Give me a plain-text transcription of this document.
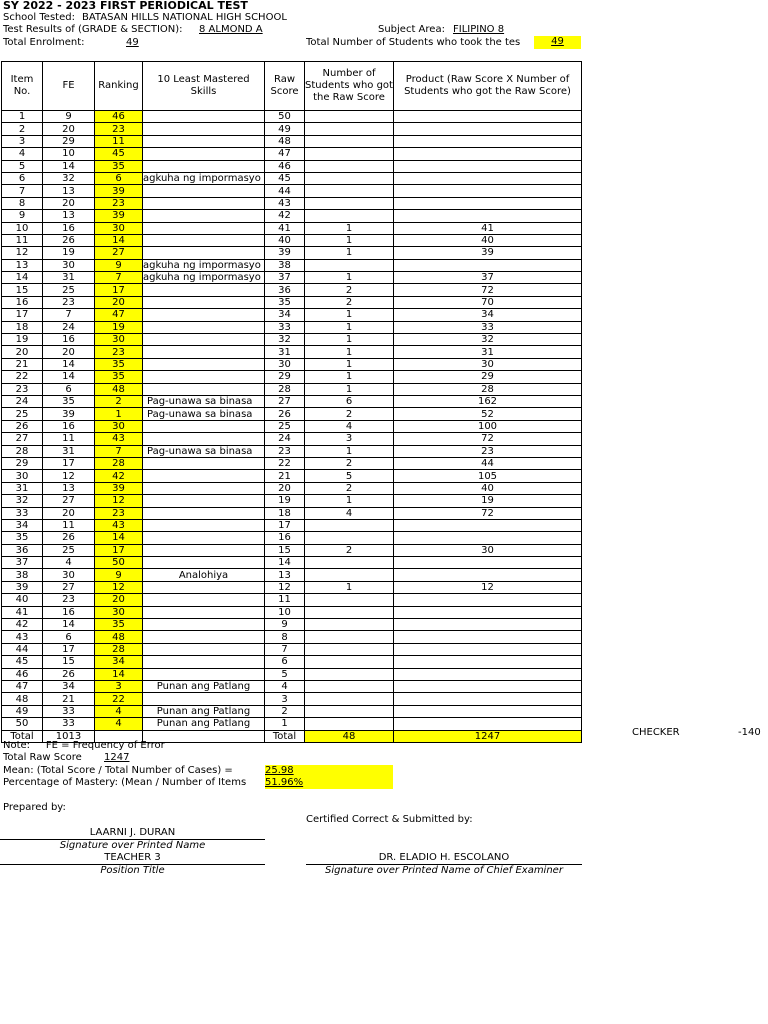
SY 2022 - 2023 FIRST PERIODICAL TEST
School Tested: BATASAN HILLS NATIONAL HIGH SCHOOL
Test Results of (GRADE & SECTION): 8 ALMOND A	Subject Area: FILIPINO 8
Total Enrolment:	49	Total Number of Students who took the tes	49
Item No.	FE	Ranking	10 Least Mastered Skills	Raw Score	Number of Students who got the Raw Score	Product (Raw Score X Number of Students who got the Raw Score)
1	9	46		50		
2	20	23		49		
3	29	11		48		
4	10	45		47		
5	14	35		46		
6	32	6	agkuha ng impormasyo	45		
7	13	39		44		
8	20	23		43		
9	13	39		42		
10	16	30		41	1	41
11	26	14		40	1	40
12	19	27		39	1	39
13	30	9	agkuha ng impormasyo	38		
14	31	7	agkuha ng impormasyo	37	1	37
15	25	17		36	2	72
16	23	20		35	2	70
17	7	47		34	1	34
18	24	19		33	1	33
19	16	30		32	1	32
20	20	23		31	1	31
21	14	35		30	1	30
22	14	35		29	1	29
23	6	48		28	1	28
24	35	2	Pag-unawa sa binasa	27	6	162
25	39	1	Pag-unawa sa binasa	26	2	52
26	16	30		25	4	100
27	11	43		24	3	72
28	31	7	Pag-unawa sa binasa	23	1	23
29	17	28		22	2	44
30	12	42		21	5	105
31	13	39		20	2	40
32	27	12		19	1	19
33	20	23		18	4	72
34	11	43		17		
35	26	14		16		
36	25	17		15	2	30
37	4	50		14		
38	30	9	Analohiya	13		
39	27	12		12	1	12
40	23	20		11		
41	16	30		10		
42	14	35		9		
43	6	48		8		
44	17	28		7		
45	15	34		6		
46	26	14		5		
47	34	3	Punan ang Patlang	4		
48	21	22		3		
49	33	4	Punan ang Patlang	2		
50	33	4	Punan ang Patlang	1		
Total	1013			Total	48	1247	CHECKER	-140
Note:     FE = Frequency of Error
Total Raw Score 1247
Mean: (Total Score / Total Number of Cases) =	25.98
Percentage of Mastery: (Mean / Number of Items	51.96%
Prepared by:
Certified Correct & Submitted by:
LAARNI J. DURAN
Signature over Printed Name
TEACHER 3
Position Title
DR. ELADIO H. ESCOLANO
Signature over Printed Name of Chief Examiner
